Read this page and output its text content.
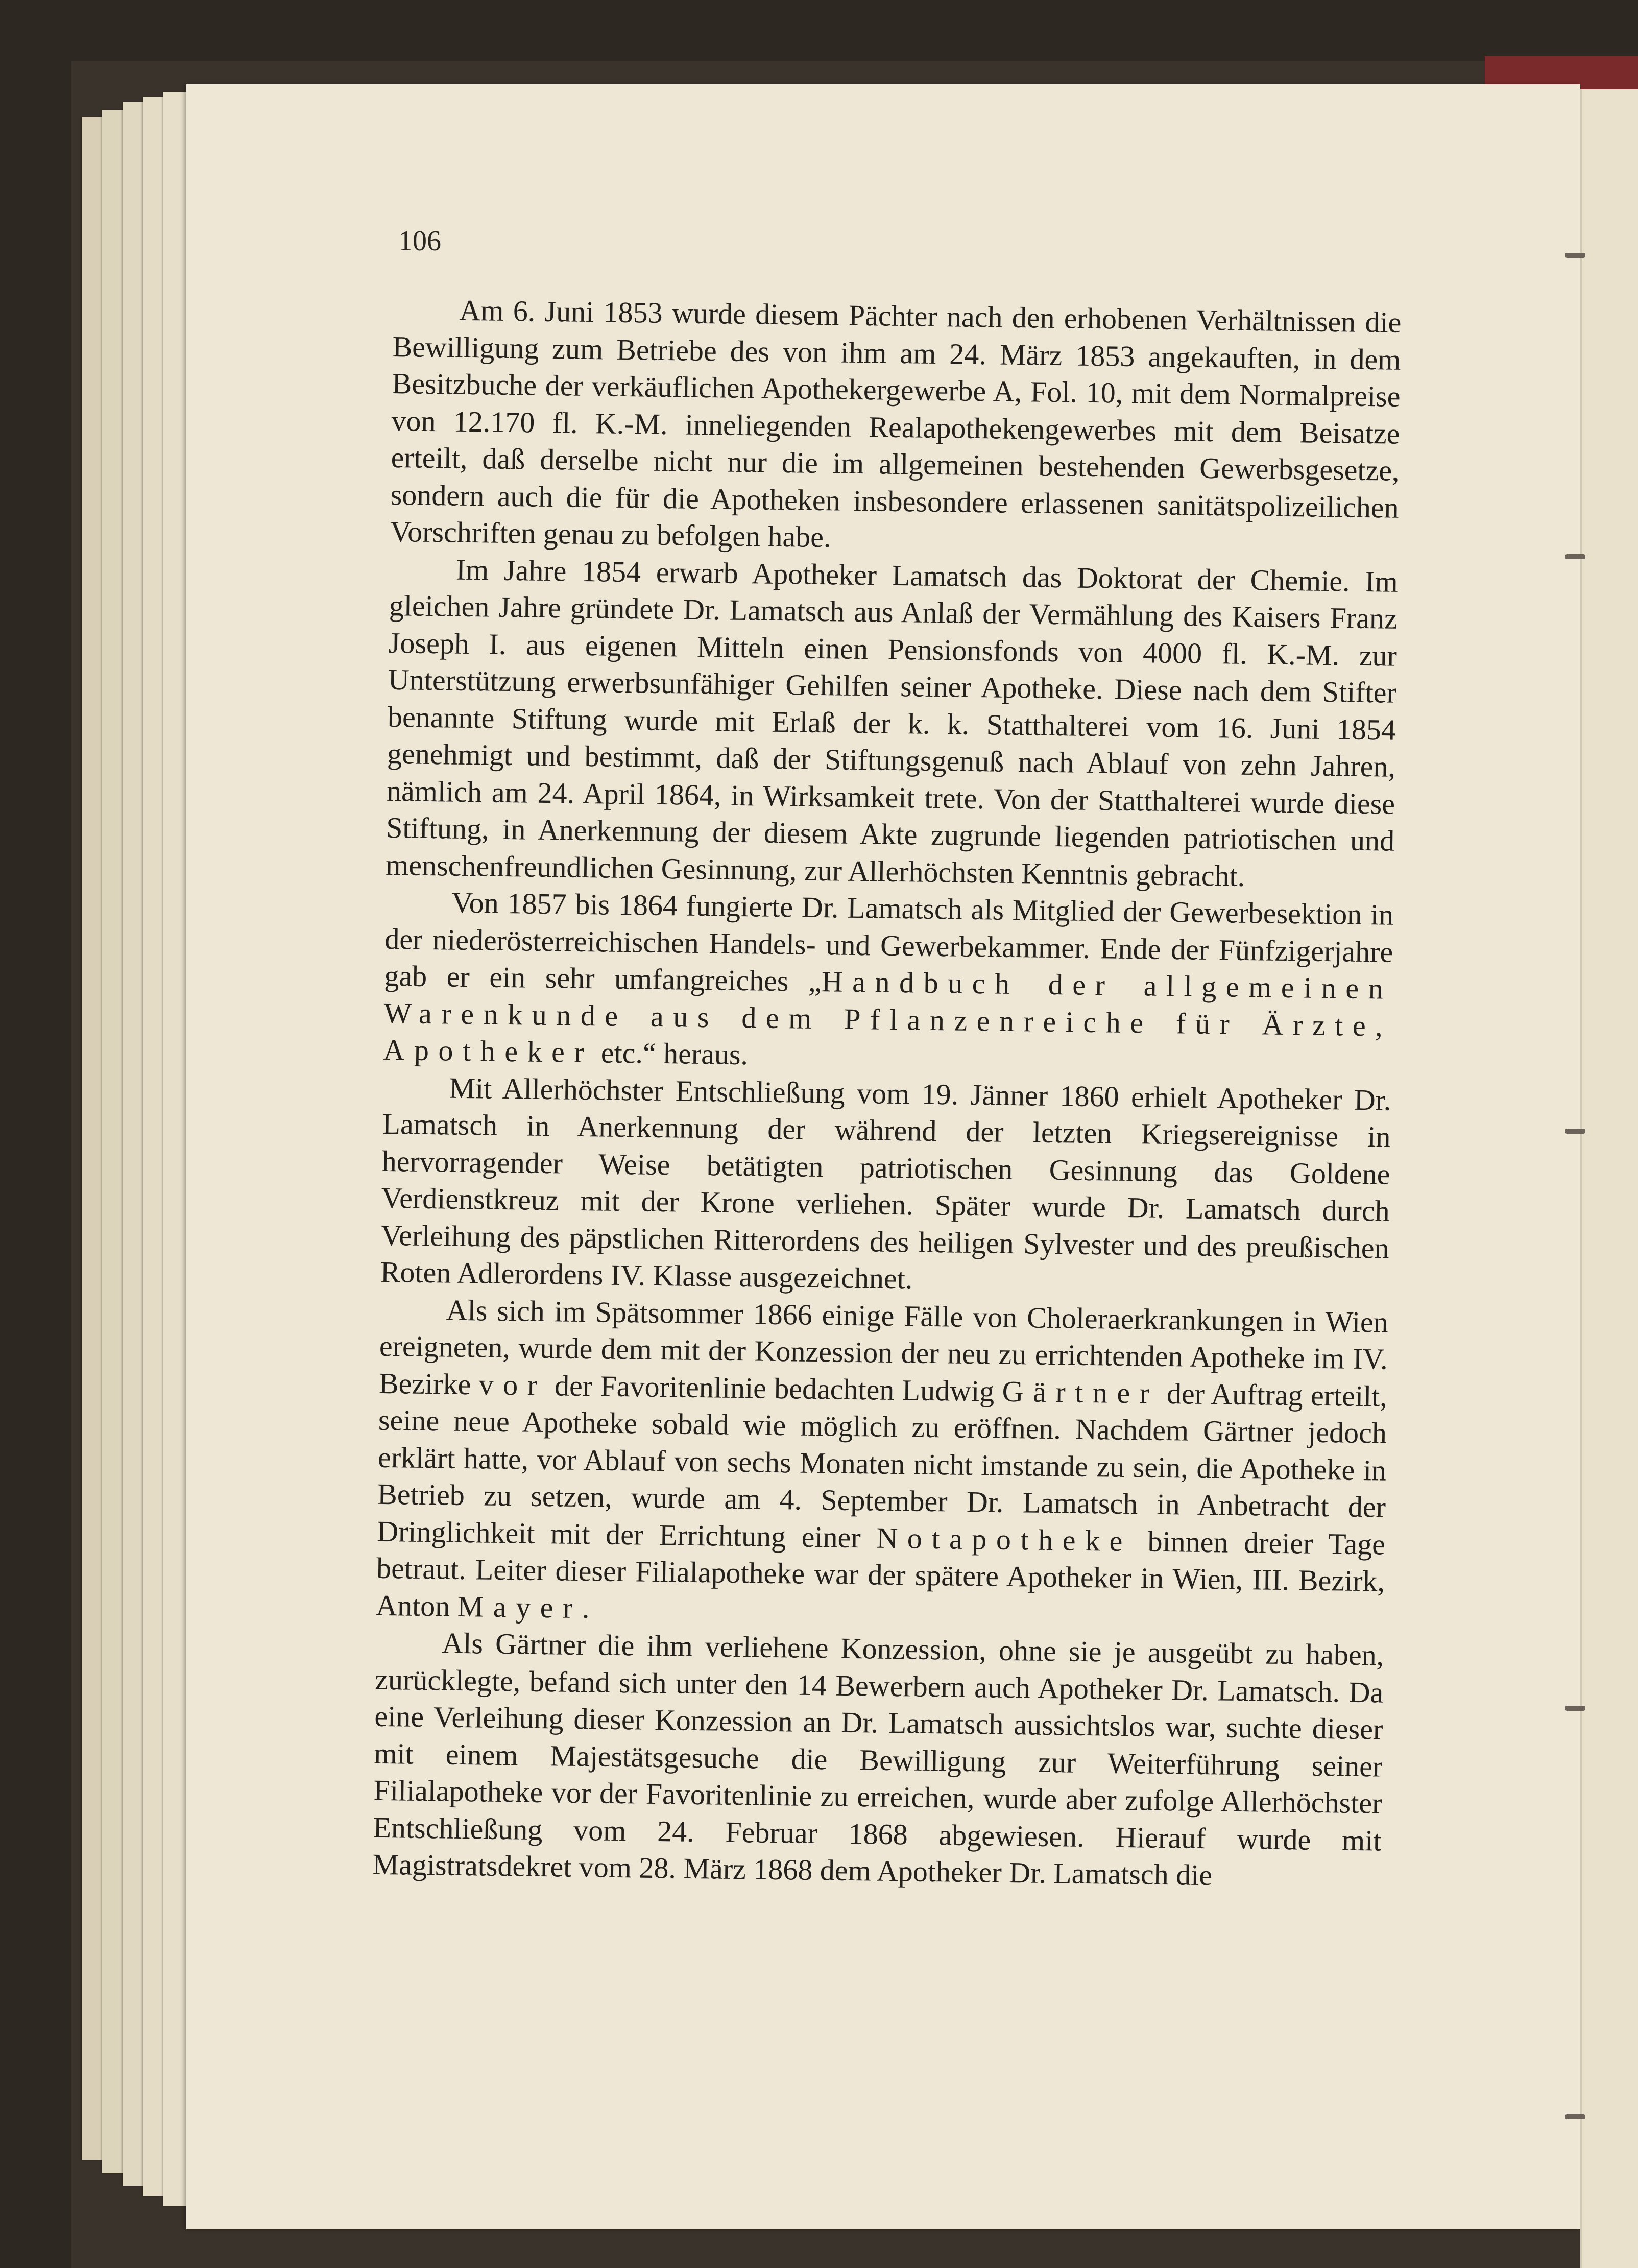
106

Am 6. Juni 1853 wurde diesem Pächter nach den erhobenen Verhältnissen die Bewilligung zum Betriebe des von ihm am 24. März 1853 angekauften, in dem Besitzbuche der verkäuflichen Apothekergewerbe A, Fol. 10, mit dem Normalpreise von 12.170 fl. K.-M. inneliegenden Realapothekengewerbes mit dem Beisatze erteilt, daß derselbe nicht nur die im allgemeinen bestehenden Gewerbsgesetze, sondern auch die für die Apotheken insbesondere erlassenen sanitätspolizeilichen Vorschriften genau zu befolgen habe.

Im Jahre 1854 erwarb Apotheker Lamatsch das Doktorat der Chemie. Im gleichen Jahre gründete Dr. Lamatsch aus Anlaß der Vermählung des Kaisers Franz Joseph I. aus eigenen Mitteln einen Pensionsfonds von 4000 fl. K.-M. zur Unterstützung erwerbsunfähiger Gehilfen seiner Apotheke. Diese nach dem Stifter benannte Stiftung wurde mit Erlaß der k. k. Statthalterei vom 16. Juni 1854 genehmigt und bestimmt, daß der Stiftungsgenuß nach Ablauf von zehn Jahren, nämlich am 24. April 1864, in Wirksamkeit trete. Von der Statthalterei wurde diese Stiftung, in Anerkennung der diesem Akte zugrunde liegenden patriotischen und menschenfreundlichen Gesinnung, zur Allerhöchsten Kenntnis gebracht.

Von 1857 bis 1864 fungierte Dr. Lamatsch als Mitglied der Gewerbesektion in der niederösterreichischen Handels- und Gewerbekammer. Ende der Fünfzigerjahre gab er ein sehr umfangreiches „Handbuch der allgemeinen Warenkunde aus dem Pflanzenreiche für Ärzte, Apotheker etc.“ heraus.

Mit Allerhöchster Entschließung vom 19. Jänner 1860 erhielt Apotheker Dr. Lamatsch in Anerkennung der während der letzten Kriegsereignisse in hervorragender Weise betätigten patriotischen Gesinnung das Goldene Verdienstkreuz mit der Krone verliehen. Später wurde Dr. Lamatsch durch Verleihung des päpstlichen Ritterordens des heiligen Sylvester und des preußischen Roten Adlerordens IV. Klasse ausgezeichnet.

Als sich im Spätsommer 1866 einige Fälle von Choleraerkrankungen in Wien ereigneten, wurde dem mit der Konzession der neu zu errichtenden Apotheke im IV. Bezirke vor der Favoritenlinie bedachten Ludwig Gärtner der Auftrag erteilt, seine neue Apotheke sobald wie möglich zu eröffnen. Nachdem Gärtner jedoch erklärt hatte, vor Ablauf von sechs Monaten nicht imstande zu sein, die Apotheke in Betrieb zu setzen, wurde am 4. September Dr. Lamatsch in Anbetracht der Dringlichkeit mit der Errichtung einer Notapotheke binnen dreier Tage betraut. Leiter dieser Filialapotheke war der spätere Apotheker in Wien, III. Bezirk, Anton Mayer.

Als Gärtner die ihm verliehene Konzession, ohne sie je ausgeübt zu haben, zurücklegte, befand sich unter den 14 Bewerbern auch Apotheker Dr. Lamatsch. Da eine Verleihung dieser Konzession an Dr. Lamatsch aussichtslos war, suchte dieser mit einem Majestätsgesuche die Bewilligung zur Weiterführung seiner Filialapotheke vor der Favoritenlinie zu erreichen, wurde aber zufolge Allerhöchster Entschließung vom 24. Februar 1868 abgewiesen. Hierauf wurde mit Magistratsdekret vom 28. März 1868 dem Apotheker Dr. Lamatsch die
